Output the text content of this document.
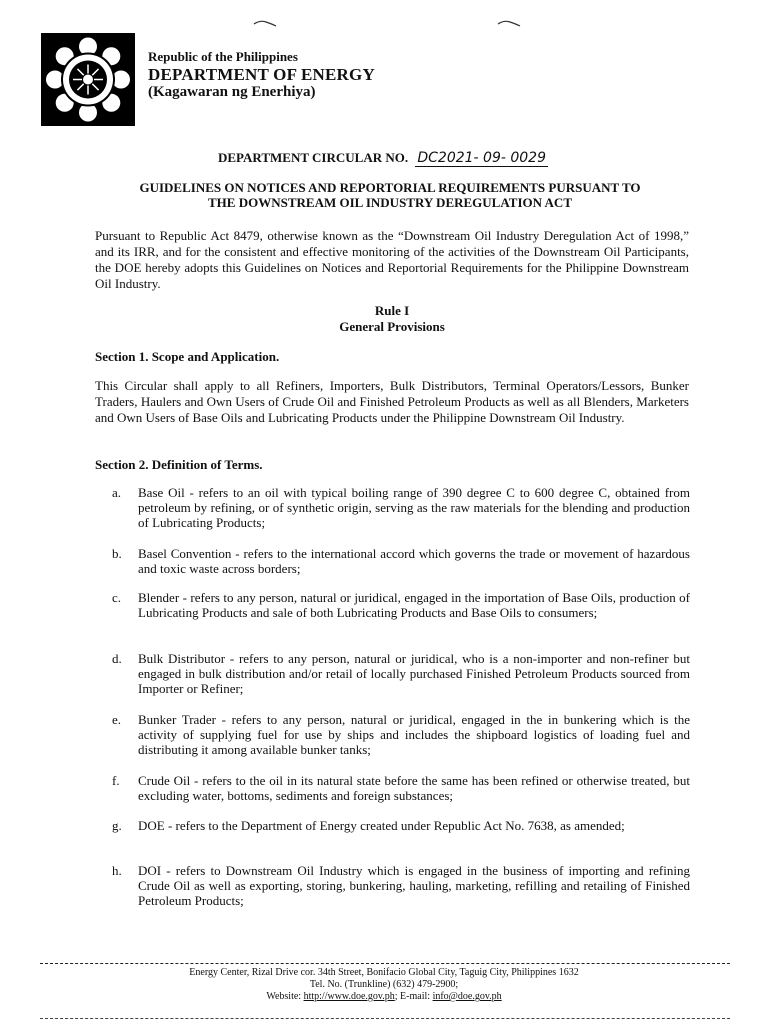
Republic of the Philippines
DEPARTMENT OF ENERGY
(Kagawaran ng Enerhiya)
DEPARTMENT CIRCULAR NO. DC2021- 09- 0029
GUIDELINES ON NOTICES AND REPORTORIAL REQUIREMENTS PURSUANT TO
THE DOWNSTREAM OIL INDUSTRY DEREGULATION ACT
Pursuant to Republic Act 8479, otherwise known as the “Downstream Oil Industry Deregulation Act of 1998,” and its IRR, and for the consistent and effective monitoring of the activities of the Downstream Oil Participants, the DOE hereby adopts this Guidelines on Notices and Reportorial Requirements for the Philippine Downstream Oil Industry.
Rule I
General Provisions
Section 1. Scope and Application.
This Circular shall apply to all Refiners, Importers, Bulk Distributors, Terminal Operators/Lessors, Bunker Traders, Haulers and Own Users of Crude Oil and Finished Petroleum Products as well as all Blenders, Marketers and Own Users of Base Oils and Lubricating Products under the Philippine Downstream Oil Industry.
Section 2. Definition of Terms.
a.	Base Oil - refers to an oil with typical boiling range of 390 degree C to 600 degree C, obtained from petroleum by refining, or of synthetic origin, serving as the raw materials for the blending and production of Lubricating Products;
b.	Basel Convention - refers to the international accord which governs the trade or movement of hazardous and toxic waste across borders;
c.	Blender - refers to any person, natural or juridical, engaged in the importation of Base Oils, production of Lubricating Products and sale of both Lubricating Products and Base Oils to consumers;
d.	Bulk Distributor - refers to any person, natural or juridical, who is a non-importer and non-refiner but engaged in bulk distribution and/or retail of locally purchased Finished Petroleum Products sourced from Importer or Refiner;
e.	Bunker Trader - refers to any person, natural or juridical, engaged in the in bunkering which is the activity of supplying fuel for use by ships and includes the shipboard logistics of loading fuel and distributing it among available bunker tanks;
f.	Crude Oil - refers to the oil in its natural state before the same has been refined or otherwise treated, but excluding water, bottoms, sediments and foreign substances;
g.	DOE - refers to the Department of Energy created under Republic Act No. 7638, as amended;
h.	DOI - refers to Downstream Oil Industry which is engaged in the business of importing and refining Crude Oil as well as exporting, storing, bunkering, hauling, marketing, refilling and retailing of Finished Petroleum Products;
Energy Center, Rizal Drive cor. 34th Street, Bonifacio Global City, Taguig City, Philippines 1632
Tel. No. (Trunkline) (632) 479-2900;
Website: http://www.doe.gov.ph; E-mail: info@doe.gov.ph
